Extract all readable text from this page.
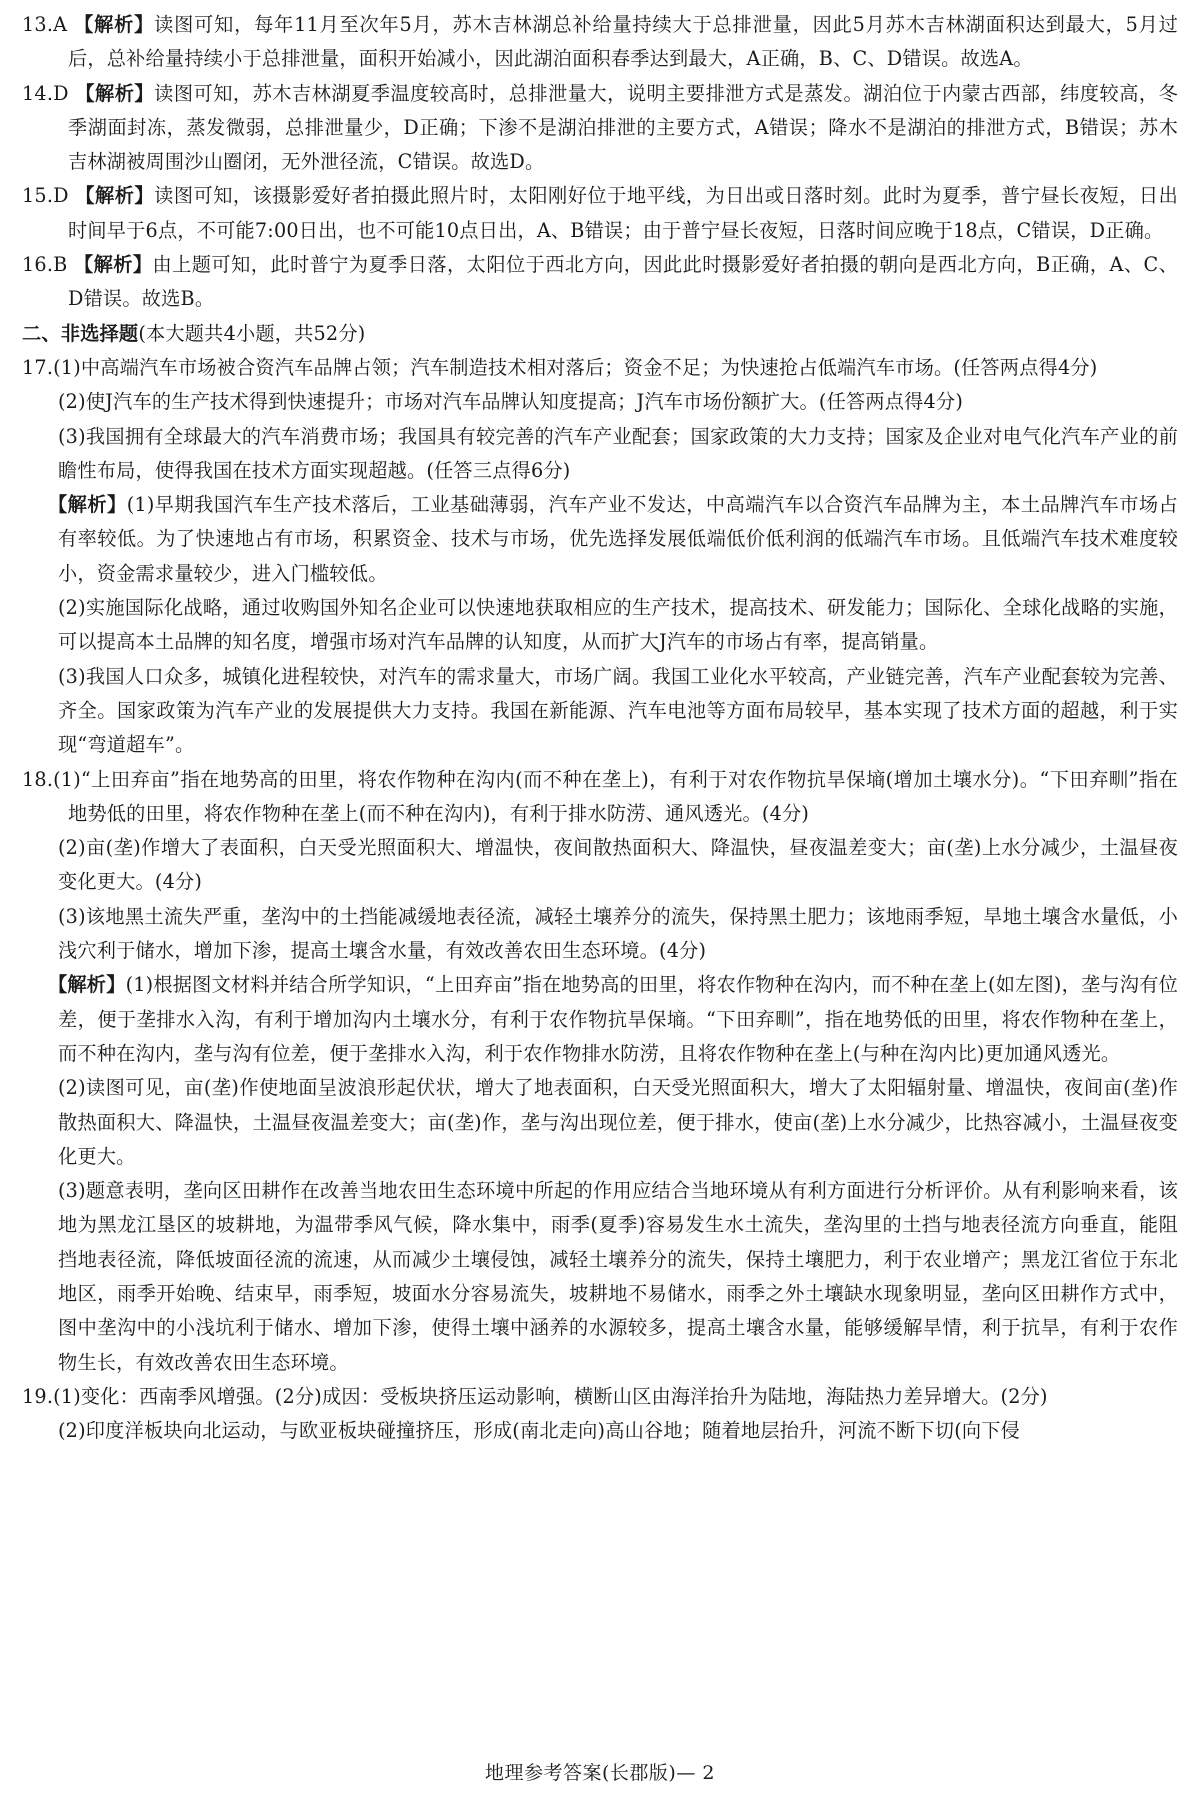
13.A 【解析】读图可知，每年11月至次年5月，苏木吉林湖总补给量持续大于总排泄量，因此5月苏木吉林湖面积达到最大，5月过后，总补给量持续小于总排泄量，面积开始减小，因此湖泊面积春季达到最大，A正确，B、C、D错误。故选A。

14.D 【解析】读图可知，苏木吉林湖夏季温度较高时，总排泄量大，说明主要排泄方式是蒸发。湖泊位于内蒙古西部，纬度较高，冬季湖面封冻，蒸发微弱，总排泄量少，D正确；下渗不是湖泊排泄的主要方式，A错误；降水不是湖泊的排泄方式，B错误；苏木吉林湖被周围沙山圈闭，无外泄径流，C错误。故选D。

15.D 【解析】读图可知，该摄影爱好者拍摄此照片时，太阳刚好位于地平线，为日出或日落时刻。此时为夏季，普宁昼长夜短，日出时间早于6点，不可能7:00日出，也不可能10点日出，A、B错误；由于普宁昼长夜短，日落时间应晚于18点，C错误，D正确。

16.B 【解析】由上题可知，此时普宁为夏季日落，太阳位于西北方向，因此此时摄影爱好者拍摄的朝向是西北方向，B正确，A、C、D错误。故选B。

二、非选择题(本大题共4小题，共52分)

17.(1)中高端汽车市场被合资汽车品牌占领；汽车制造技术相对落后；资金不足；为快速抢占低端汽车市场。(任答两点得4分)

(2)使J汽车的生产技术得到快速提升；市场对汽车品牌认知度提高；J汽车市场份额扩大。(任答两点得4分)

(3)我国拥有全球最大的汽车消费市场；我国具有较完善的汽车产业配套；国家政策的大力支持；国家及企业对电气化汽车产业的前瞻性布局，使得我国在技术方面实现超越。(任答三点得6分)

【解析】(1)早期我国汽车生产技术落后，工业基础薄弱，汽车产业不发达，中高端汽车以合资汽车品牌为主，本土品牌汽车市场占有率较低。为了快速地占有市场，积累资金、技术与市场，优先选择发展低端低价低利润的低端汽车市场。且低端汽车技术难度较小，资金需求量较少，进入门槛较低。

(2)实施国际化战略，通过收购国外知名企业可以快速地获取相应的生产技术，提高技术、研发能力；国际化、全球化战略的实施，可以提高本土品牌的知名度，增强市场对汽车品牌的认知度，从而扩大J汽车的市场占有率，提高销量。

(3)我国人口众多，城镇化进程较快，对汽车的需求量大，市场广阔。我国工业化水平较高，产业链完善，汽车产业配套较为完善、齐全。国家政策为汽车产业的发展提供大力支持。我国在新能源、汽车电池等方面布局较早，基本实现了技术方面的超越，利于实现“弯道超车”。

18.(1)“上田弃亩”指在地势高的田里，将农作物种在沟内(而不种在垄上)，有利于对农作物抗旱保墒(增加土壤水分)。“下田弃甽”指在地势低的田里，将农作物种在垄上(而不种在沟内)，有利于排水防涝、通风透光。(4分)

(2)亩(垄)作增大了表面积，白天受光照面积大、增温快，夜间散热面积大、降温快，昼夜温差变大；亩(垄)上水分减少，土温昼夜变化更大。(4分)

(3)该地黑土流失严重，垄沟中的土挡能减缓地表径流，减轻土壤养分的流失，保持黑土肥力；该地雨季短，旱地土壤含水量低，小浅穴利于储水，增加下渗，提高土壤含水量，有效改善农田生态环境。(4分)

【解析】(1)根据图文材料并结合所学知识，“上田弃亩”指在地势高的田里，将农作物种在沟内，而不种在垄上(如左图)，垄与沟有位差，便于垄排水入沟，有利于增加沟内土壤水分，有利于农作物抗旱保墒。“下田弃甽”，指在地势低的田里，将农作物种在垄上，而不种在沟内，垄与沟有位差，便于垄排水入沟，利于农作物排水防涝，且将农作物种在垄上(与种在沟内比)更加通风透光。

(2)读图可见，亩(垄)作使地面呈波浪形起伏状，增大了地表面积，白天受光照面积大，增大了太阳辐射量、增温快，夜间亩(垄)作散热面积大、降温快，土温昼夜温差变大；亩(垄)作，垄与沟出现位差，便于排水，使亩(垄)上水分减少，比热容减小，土温昼夜变化更大。

(3)题意表明，垄向区田耕作在改善当地农田生态环境中所起的作用应结合当地环境从有利方面进行分析评价。从有利影响来看，该地为黑龙江垦区的坡耕地，为温带季风气候，降水集中，雨季(夏季)容易发生水土流失，垄沟里的土挡与地表径流方向垂直，能阻挡地表径流，降低坡面径流的流速，从而减少土壤侵蚀，减轻土壤养分的流失，保持土壤肥力，利于农业增产；黑龙江省位于东北地区，雨季开始晚、结束早，雨季短，坡面水分容易流失，坡耕地不易储水，雨季之外土壤缺水现象明显，垄向区田耕作方式中，图中垄沟中的小浅坑利于储水、增加下渗，使得土壤中涵养的水源较多，提高土壤含水量，能够缓解旱情，利于抗旱，有利于农作物生长，有效改善农田生态环境。

19.(1)变化：西南季风增强。(2分)成因：受板块挤压运动影响，横断山区由海洋抬升为陆地，海陆热力差异增大。(2分)

(2)印度洋板块向北运动，与欧亚板块碰撞挤压，形成(南北走向)高山谷地；随着地层抬升，河流不断下切(向下侵

地理参考答案(长郡版)— 2
